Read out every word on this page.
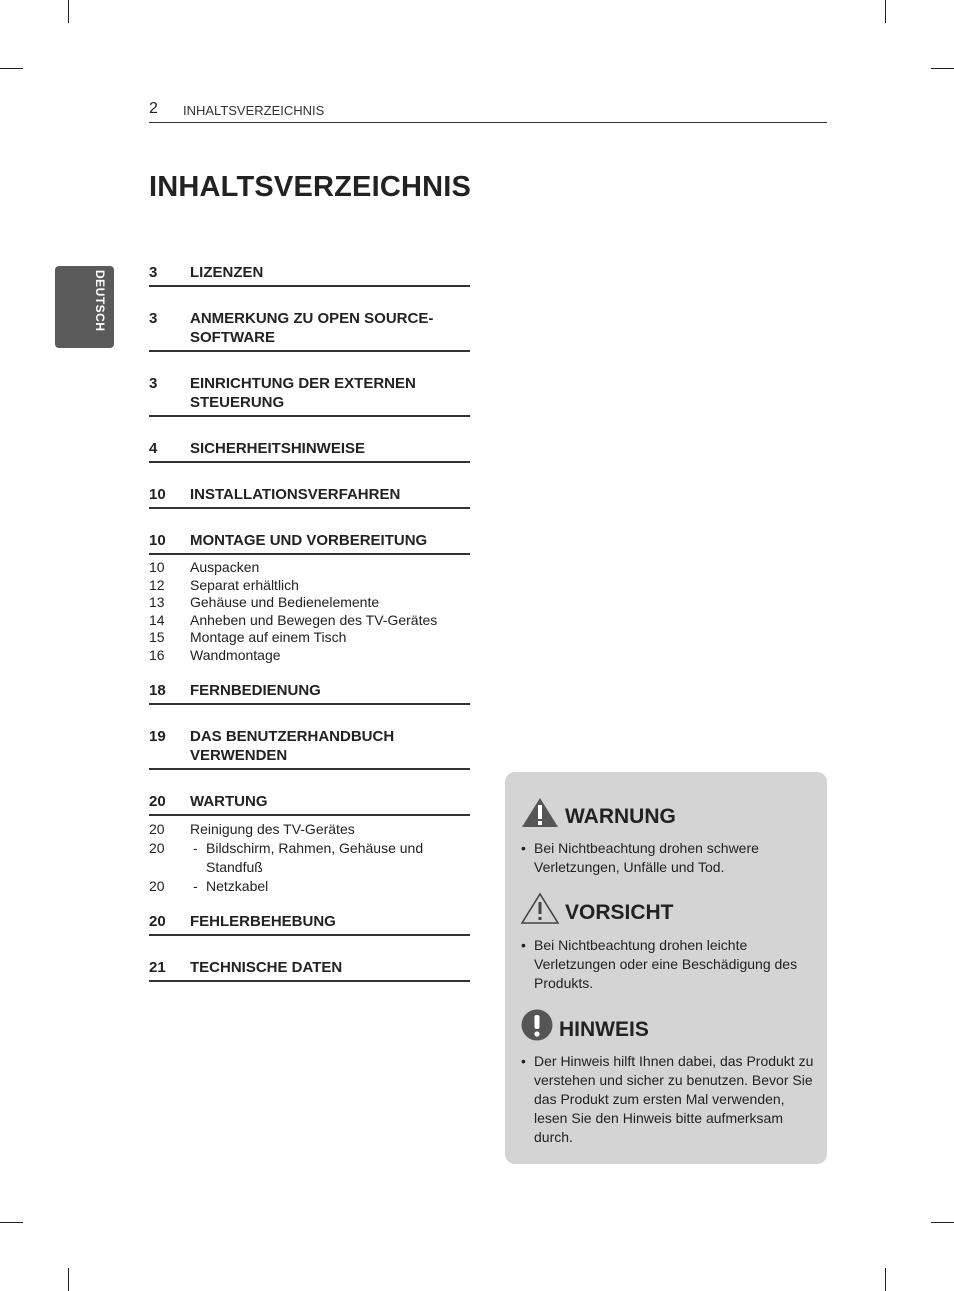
2 INHALTSVERZEICHNIS
INHALTSVERZEICHNIS
DEUTSCH	3	LIZENZEN
3	ANMERKUNG ZU OPEN SOURCE-SOFTWARE
3	EINRICHTUNG DER EXTERNEN STEUERUNG
4	SICHERHEITSHINWEISE
10	INSTALLATIONSVERFAHREN
10	MONTAGE UND VORBEREITUNG
10	Auspacken
12	Separat erhältlich
13	Gehäuse und Bedienelemente
14	Anheben und Bewegen des TV-Gerätes
15	Montage auf einem Tisch
16	Wandmontage
18	FERNBEDIENUNG
19	DAS BENUTZERHANDBUCH VERWENDEN
20	WARTUNG
20	Reinigung des TV-Gerätes
20	- Bildschirm, Rahmen, Gehäuse und Standfuß
20	- Netzkabel
20	FEHLERBEHEBUNG
21	TECHNISCHE DATEN
WARNUNG
• Bei Nichtbeachtung drohen schwere Verletzungen, Unfälle und Tod.
VORSICHT
• Bei Nichtbeachtung drohen leichte Verletzungen oder eine Beschädigung des Produkts.
HINWEIS
• Der Hinweis hilft Ihnen dabei, das Produkt zu verstehen und sicher zu benutzen. Bevor Sie das Produkt zum ersten Mal verwenden, lesen Sie den Hinweis bitte aufmerksam durch.
